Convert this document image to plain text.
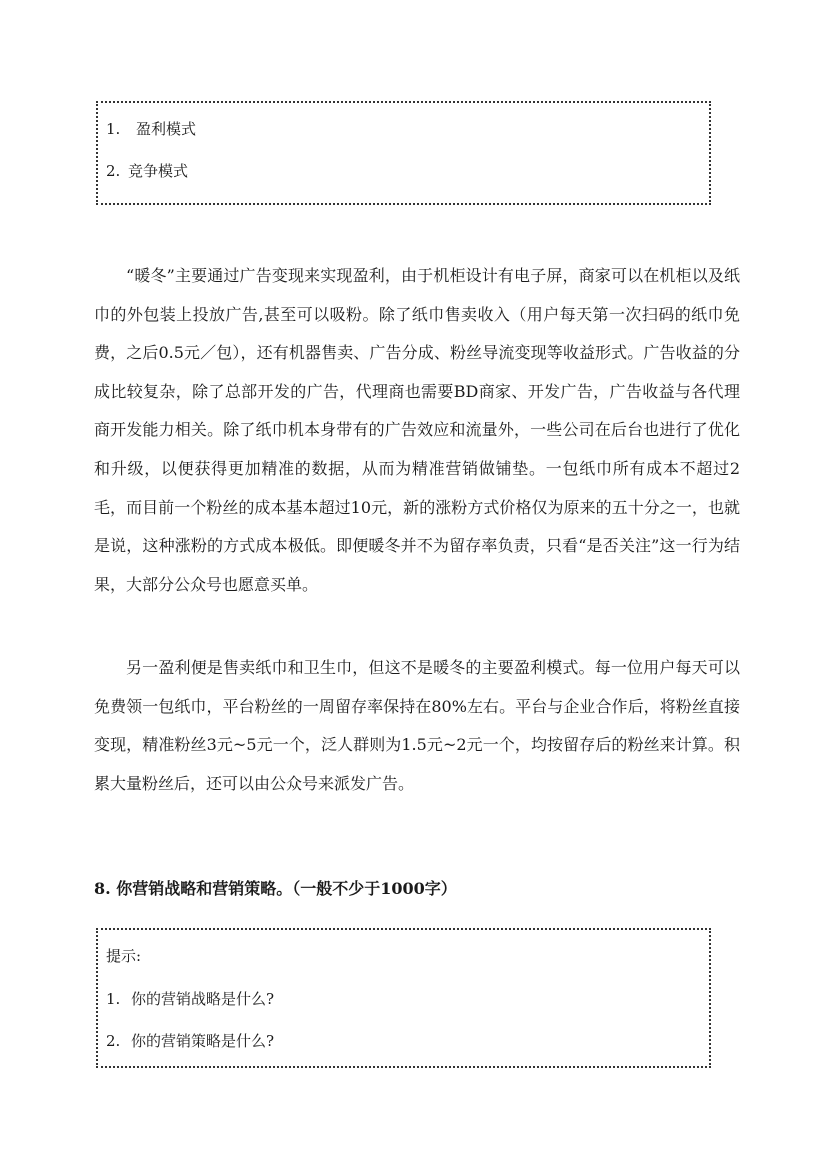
1. 盈利模式
2. 竞争模式

“暖冬”主要通过广告变现来实现盈利，由于机柜设计有电子屏，商家可以在机柜以及纸巾的外包装上投放广告,甚至可以吸粉。除了纸巾售卖收入（用户每天第一次扫码的纸巾免费，之后0.5元／包），还有机器售卖、广告分成、粉丝导流变现等收益形式。广告收益的分成比较复杂，除了总部开发的广告，代理商也需要BD商家、开发广告，广告收益与各代理商开发能力相关。除了纸巾机本身带有的广告效应和流量外，一些公司在后台也进行了优化和升级，以便获得更加精准的数据，从而为精准营销做铺垫。一包纸巾所有成本不超过2毛，而目前一个粉丝的成本基本超过10元，新的涨粉方式价格仅为原来的五十分之一，也就是说，这种涨粉的方式成本极低。即便暖冬并不为留存率负责，只看“是否关注”这一行为结果，大部分公众号也愿意买单。

另一盈利便是售卖纸巾和卫生巾，但这不是暖冬的主要盈利模式。每一位用户每天可以免费领一包纸巾，平台粉丝的一周留存率保持在80%左右。平台与企业合作后，将粉丝直接变现，精准粉丝3元~5元一个，泛人群则为1.5元~2元一个，均按留存后的粉丝来计算。积累大量粉丝后，还可以由公众号来派发广告。

8. 你营销战略和营销策略。（一般不少于1000字）
提示:
1. 你的营销战略是什么?
2. 你的营销策略是什么?
